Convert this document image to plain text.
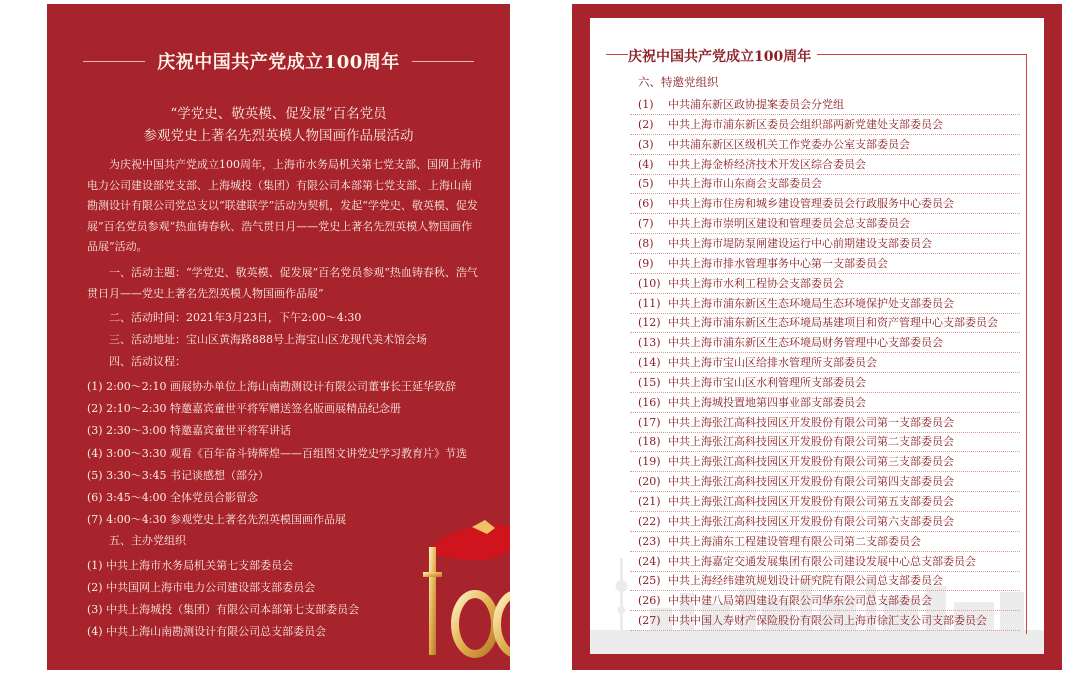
庆祝中国共产党成立100周年
“学党史、敬英模、促发展”百名党员
参观党史上著名先烈英模人物国画作品展活动
为庆祝中国共产党成立100周年，上海市水务局机关第七党支部、国网上海市电力公司建设部党支部、上海城投（集团）有限公司本部第七党支部、上海山南勘测设计有限公司党总支以“联建联学”活动为契机，发起“学党史、敬英模、促发展”百名党员参观“热血铸春秋、浩气贯日月——党史上著名先烈英模人物国画作品展”活动。
一、活动主题：“学党史、敬英模、促发展”百名党员参观“热血铸春秋、浩气贯日月——党史上著名先烈英模人物国画作品展”
二、活动时间：2021年3月23日，下午2:00～4:30
三、活动地址：宝山区黄海路888号上海宝山区龙现代美术馆会场
四、活动议程：
(1) 2:00～2:10 画展协办单位上海山南勘测设计有限公司董事长王延华致辞
(2) 2:10～2:30 特邀嘉宾童世平将军赠送签名版画展精品纪念册
(3) 2:30～3:00 特邀嘉宾童世平将军讲话
(4) 3:00～3:30 观看《百年奋斗铸辉煌——百组图文讲党史学习教育片》节选
(5) 3:30～3:45 书记谈感想（部分）
(6) 3:45～4:00 全体党员合影留念
(7) 4:00～4:30 参观党史上著名先烈英模国画作品展
五、主办党组织
(1) 中共上海市水务局机关第七支部委员会
(2) 中共国网上海市电力公司建设部支部委员会
(3) 中共上海城投（集团）有限公司本部第七支部委员会
(4) 中共上海山南勘测设计有限公司总支部委员会
100
庆祝中国共产党成立100周年
六、特邀党组织
(1) 中共浦东新区政协提案委员会分党组
(2) 中共上海市浦东新区委员会组织部两新党建处支部委员会
(3) 中共浦东新区区级机关工作党委办公室支部委员会
(4) 中共上海金桥经济技术开发区综合委员会
(5) 中共上海市山东商会支部委员会
(6) 中共上海市住房和城乡建设管理委员会行政服务中心委员会
(7) 中共上海市崇明区建设和管理委员会总支部委员会
(8) 中共上海市堤防泵闸建设运行中心前期建设支部委员会
(9) 中共上海市排水管理事务中心第一支部委员会
(10) 中共上海市水利工程协会支部委员会
(11) 中共上海市浦东新区生态环境局生态环境保护处支部委员会
(12) 中共上海市浦东新区生态环境局基建项目和资产管理中心支部委员会
(13) 中共上海市浦东新区生态环境局财务管理中心支部委员会
(14) 中共上海市宝山区给排水管理所支部委员会
(15) 中共上海市宝山区水利管理所支部委员会
(16) 中共上海城投置地第四事业部支部委员会
(17) 中共上海张江高科技园区开发股份有限公司第一支部委员会
(18) 中共上海张江高科技园区开发股份有限公司第二支部委员会
(19) 中共上海张江高科技园区开发股份有限公司第三支部委员会
(20) 中共上海张江高科技园区开发股份有限公司第四支部委员会
(21) 中共上海张江高科技园区开发股份有限公司第五支部委员会
(22) 中共上海张江高科技园区开发股份有限公司第六支部委员会
(23) 中共上海浦东工程建设管理有限公司第二支部委员会
(24) 中共上海嘉定交通发展集团有限公司建设发展中心总支部委员会
(25) 中共上海经纬建筑规划设计研究院有限公司总支部委员会
(26) 中共中建八局第四建设有限公司华东公司总支部委员会
(27) 中共中国人寿财产保险股份有限公司上海市徐汇支公司支部委员会
